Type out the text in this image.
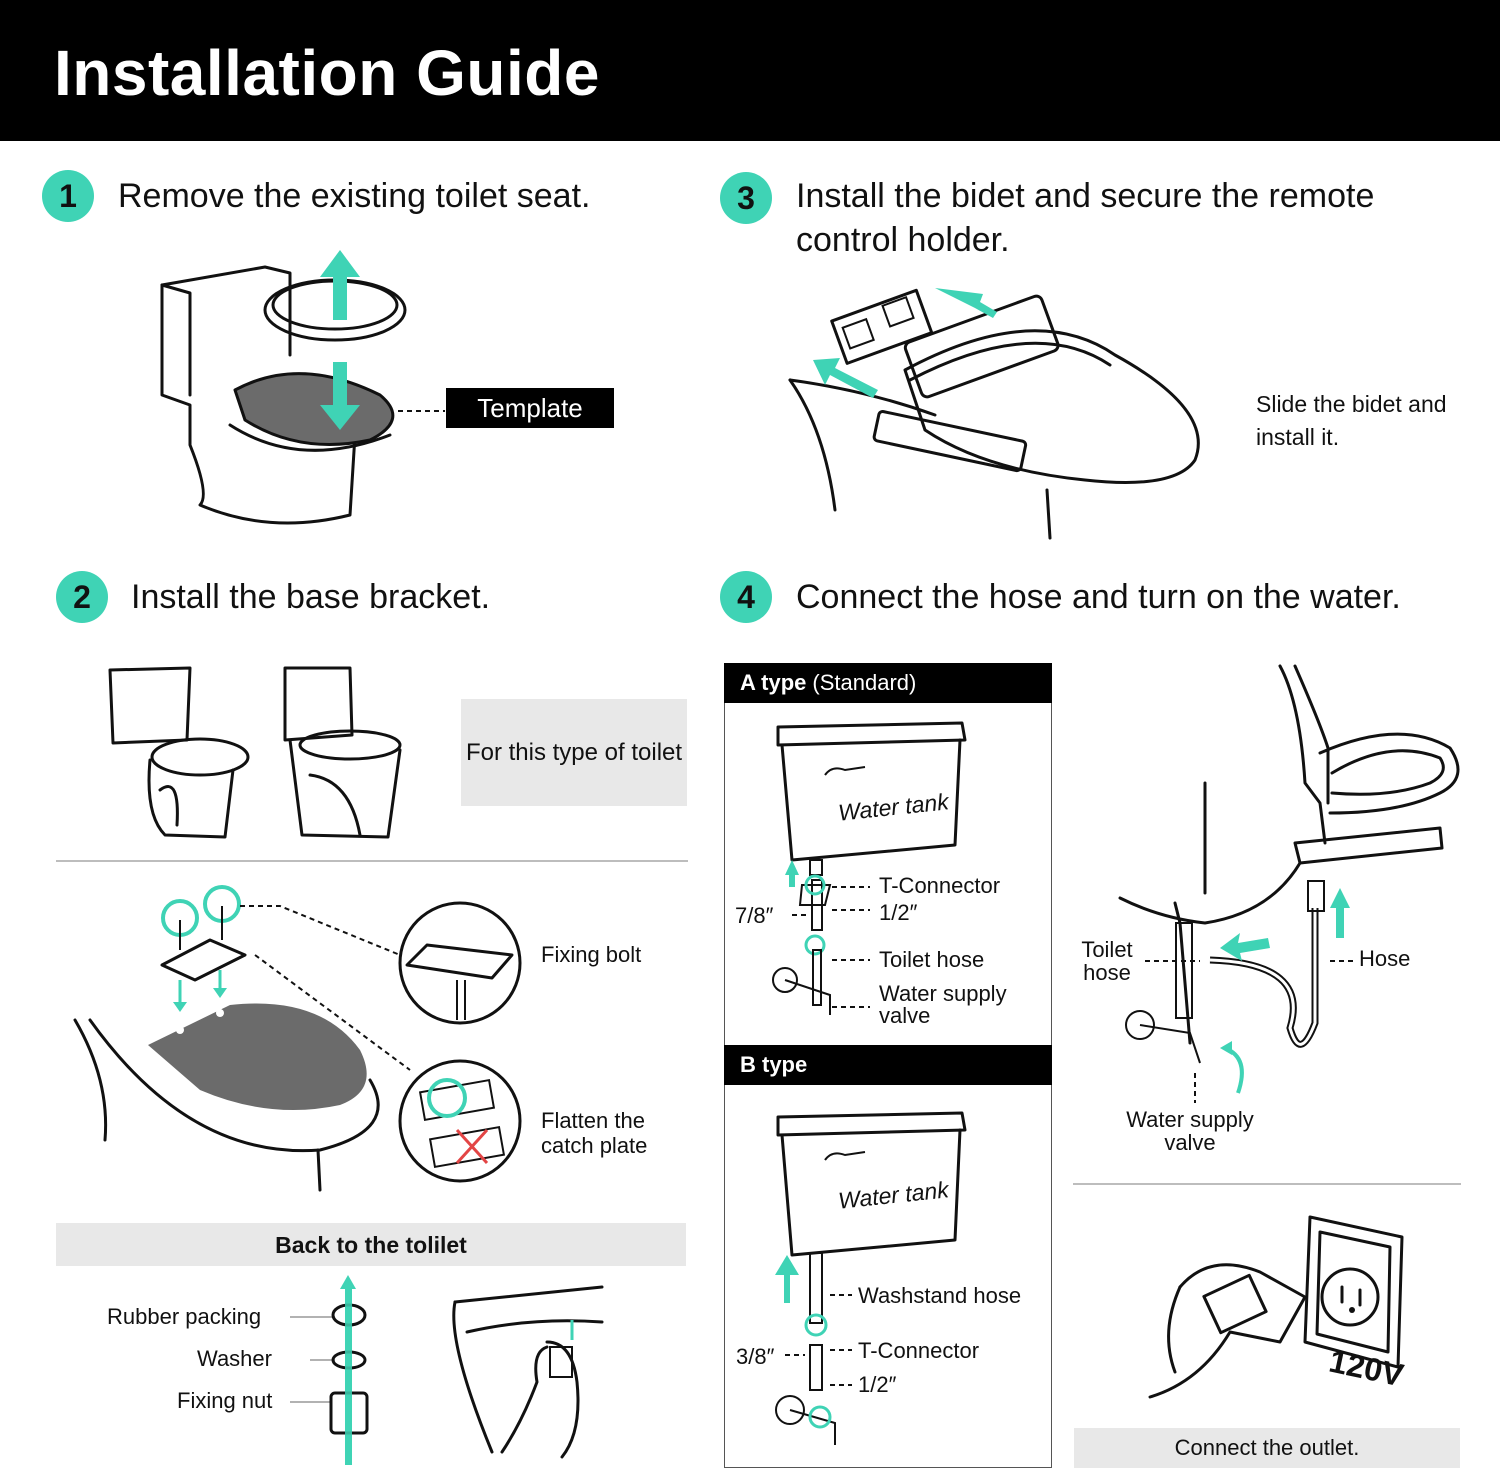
Installation Guide
1	Remove the existing toilet seat.	3	Install the bidet and secure the remote control holder.
2	Install the base bracket.	4	Connect the hose and turn on the water.
Template	Slide the bidet and install it.
For this type of toilet
Fixing bolt
Flatten the catch plate
Back to the tolilet
Rubber packing
Washer
Fixing nut
A type (Standard)
Water tank
T-Connector
1/2″
7/8″
Toilet hose
Water supply valve
B type
Water tank
Washstand hose
T-Connector
1/2″
3/8″
Toilet hose
Hose
Water supply valve
120V
Connect the outlet.
